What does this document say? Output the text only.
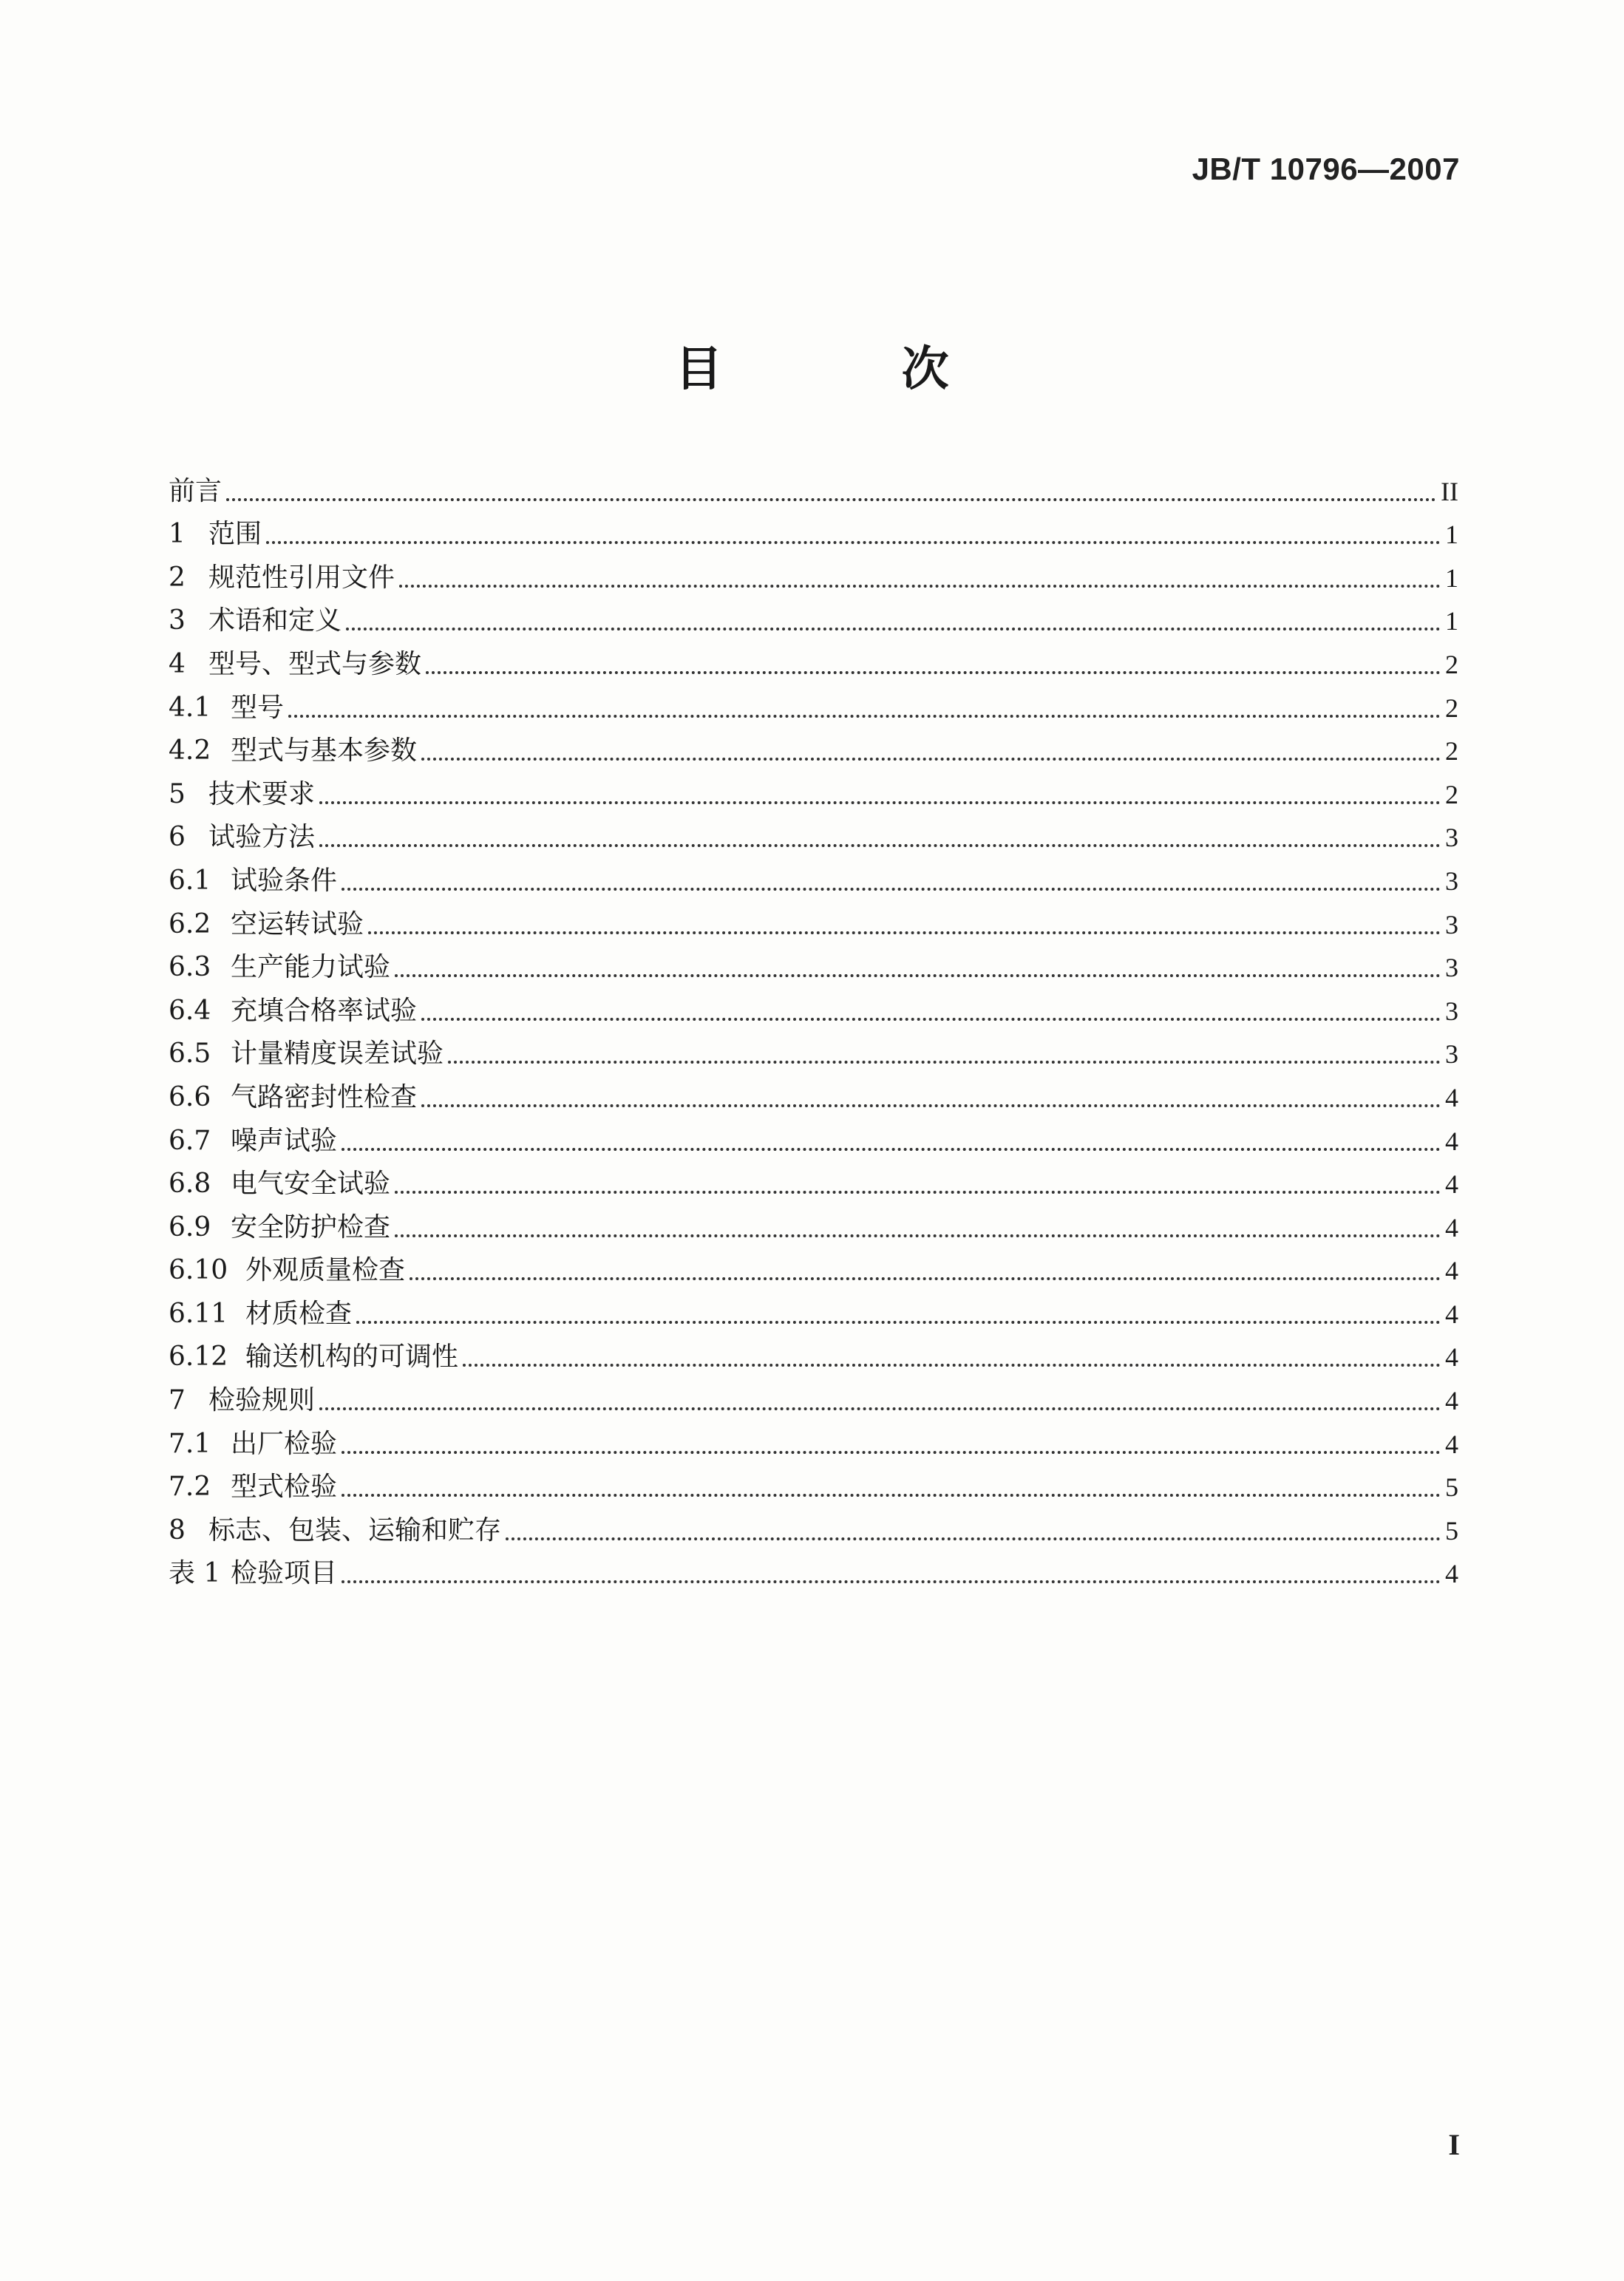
JB/T 10796—2007
目 次
前言	II
1 范围	1
2 规范性引用文件	1
3 术语和定义	1
4 型号、型式与参数	2
4.1 型号	2
4.2 型式与基本参数	2
5 技术要求	2
6 试验方法	3
6.1 试验条件	3
6.2 空运转试验	3
6.3 生产能力试验	3
6.4 充填合格率试验	3
6.5 计量精度误差试验	3
6.6 气路密封性检查	4
6.7 噪声试验	4
6.8 电气安全试验	4
6.9 安全防护检查	4
6.10 外观质量检查	4
6.11 材质检查	4
6.12 输送机构的可调性	4
7 检验规则	4
7.1 出厂检验	4
7.2 型式检验	5
8 标志、包装、运输和贮存	5
表 1 检验项目	4
I
